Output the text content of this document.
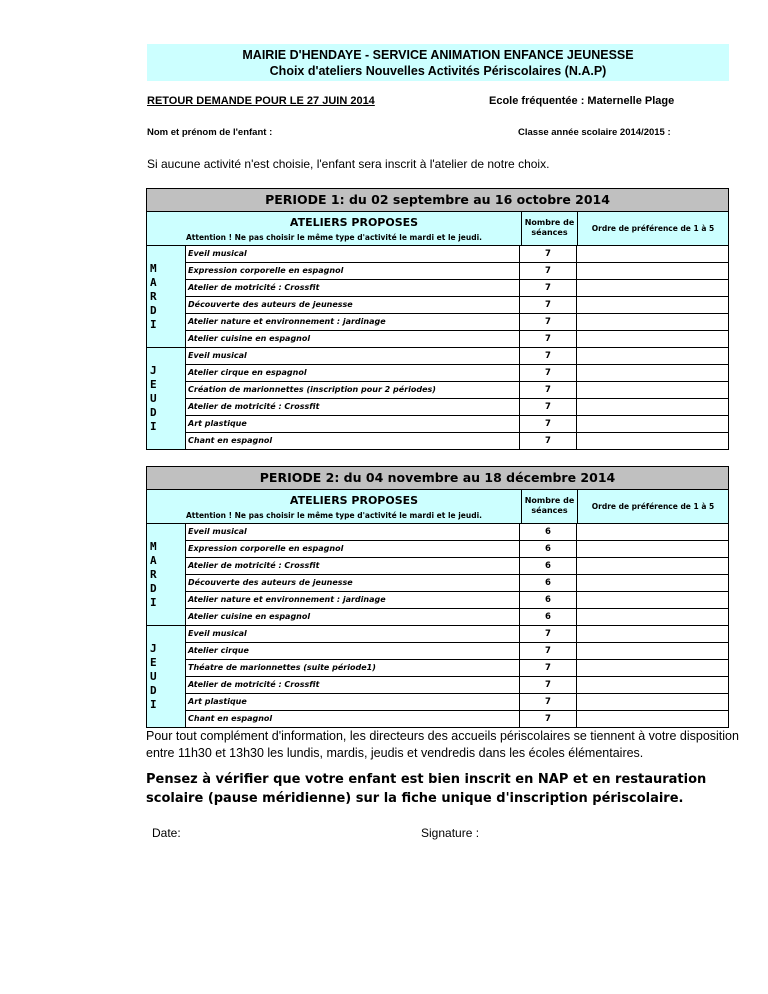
MAIRIE D'HENDAYE - SERVICE ANIMATION ENFANCE JEUNESSE
Choix d'ateliers Nouvelles Activités Périscolaires (N.A.P)
RETOUR DEMANDE POUR LE 27 JUIN 2014	Ecole fréquentée : Maternelle Plage
Nom et prénom de l'enfant :	Classe année scolaire 2014/2015 :
Si aucune activité n'est choisie, l'enfant sera inscrit à l'atelier de notre choix.
PERIODE 1: du 02 septembre au 16 octobre 2014
ATELIERS PROPOSES
Attention ! Ne pas choisir le même type d'activité le mardi et le jeudi.
Nombre de
séances	Ordre de préférence de 1 à 5
M
A
R
D
I
Eveil musical	7
Expression corporelle en espagnol	7
Atelier de motricité : Crossfit	7
Découverte des auteurs de jeunesse	7
Atelier nature et environnement : jardinage	7
Atelier cuisine en espagnol	7
J
E
U
D
I
Eveil musical	7
Atelier cirque en espagnol	7
Création de marionnettes (inscription pour 2 périodes)	7
Atelier de motricité : Crossfit	7
Art plastique	7
Chant en espagnol	7
PERIODE 2: du 04 novembre au 18 décembre 2014
ATELIERS PROPOSES
Attention ! Ne pas choisir le même type d'activité le mardi et le jeudi.
Nombre de
séances	Ordre de préférence de 1 à 5
M
A
R
D
I
Eveil musical	6
Expression corporelle en espagnol	6
Atelier de motricité : Crossfit	6
Découverte des auteurs de jeunesse	6
Atelier nature et environnement : jardinage	6
Atelier cuisine en espagnol	6
J
E
U
D
I
Eveil musical	7
Atelier cirque	7
Théatre de marionnettes (suite période1)	7
Atelier de motricité : Crossfit	7
Art plastique	7
Chant en espagnol	7
Pour tout complément d'information, les directeurs des accueils périscolaires se tiennent à votre disposition entre 11h30 et 13h30 les lundis, mardis, jeudis et vendredis dans les écoles élémentaires.
Pensez à vérifier que votre enfant est bien inscrit en NAP et en restauration scolaire (pause méridienne) sur la fiche unique d'inscription périscolaire.
Date:	Signature :
